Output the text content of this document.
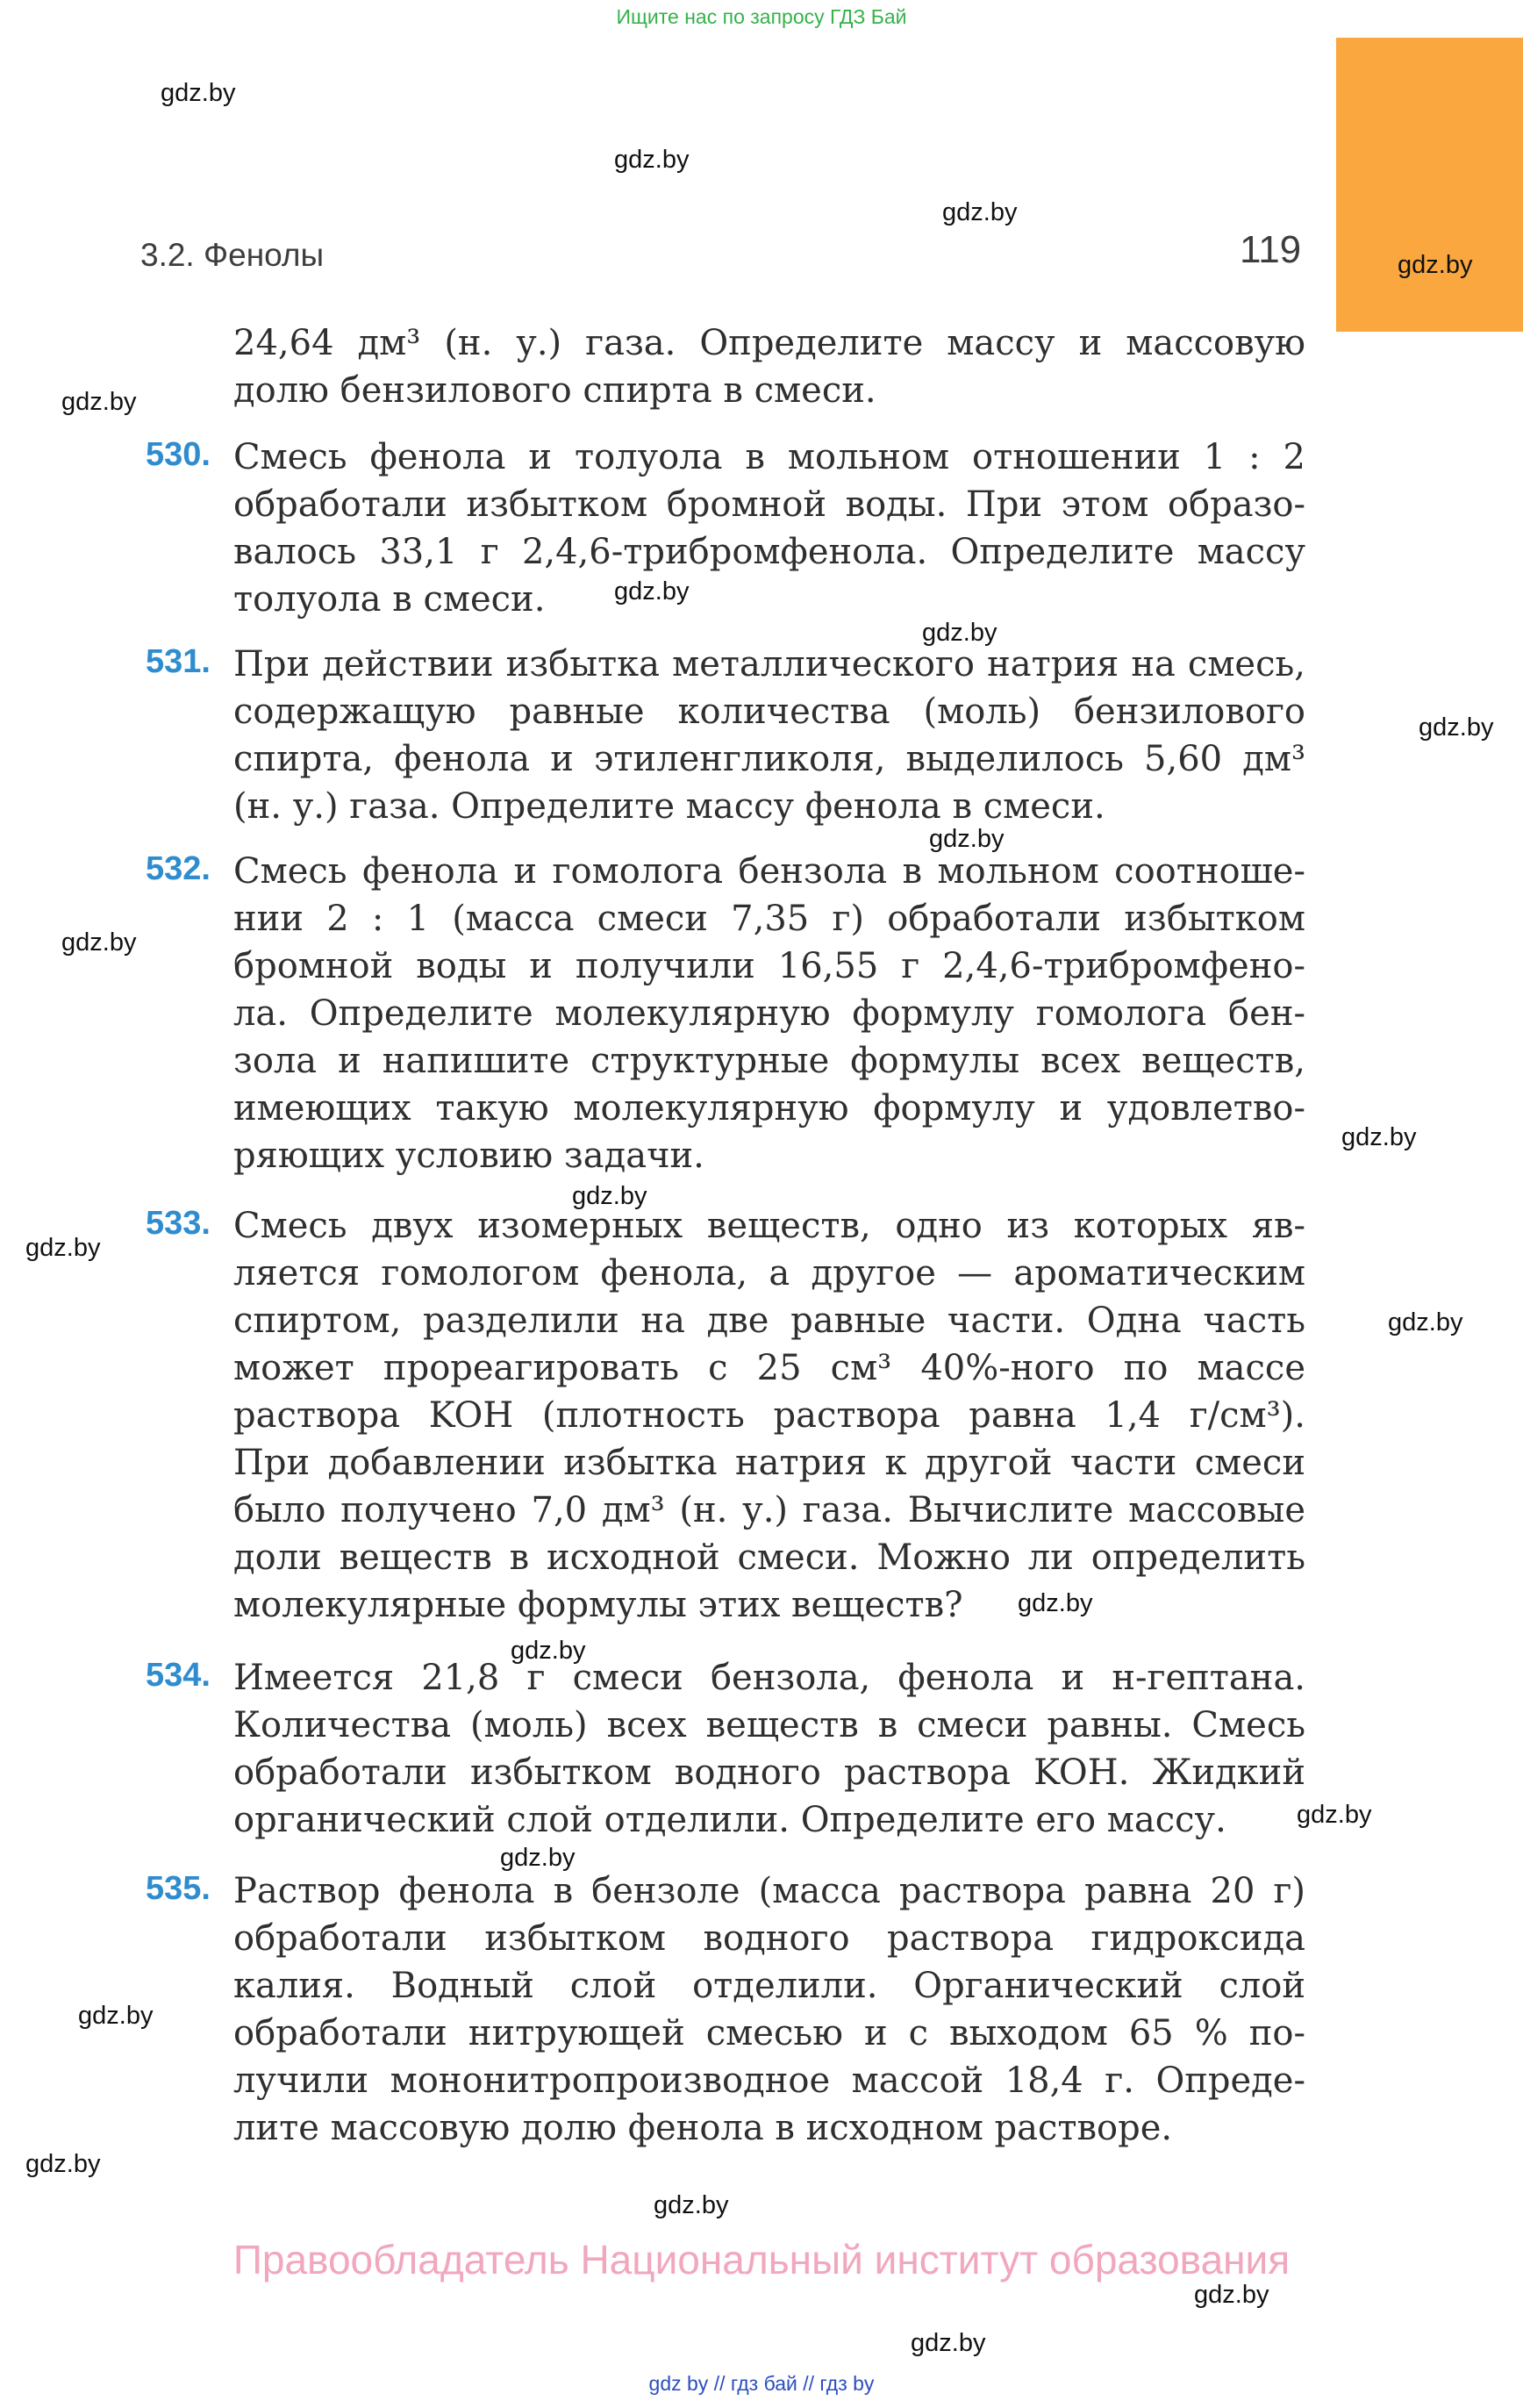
Ищите нас по запросу ГДЗ Бай
3.2. Фенолы	119
24,64 дм³ (н. у.) газа. Определите массу и массовую
долю бензилового спирта в смеси.
530. Смесь фенола и толуола в мольном отношении 1 : 2
обработали избытком бромной воды. При этом образо-
валось 33,1 г 2,4,6-трибромфенола. Определите массу
толуола в смеси.
531. При действии избытка металлического натрия на смесь,
содержащую равные количества (моль) бензилового
спирта, фенола и этиленгликоля, выделилось 5,60 дм³
(н. у.) газа. Определите массу фенола в смеси.
532. Смесь фенола и гомолога бензола в мольном соотноше-
нии 2 : 1 (масса смеси 7,35 г) обработали избытком
бромной воды и получили 16,55 г 2,4,6-трибромфено-
ла. Определите молекулярную формулу гомолога бен-
зола и напишите структурные формулы всех веществ,
имеющих такую молекулярную формулу и удовлетво-
ряющих условию задачи.
533. Смесь двух изомерных веществ, одно из которых яв-
ляется гомологом фенола, а другое — ароматическим
спиртом, разделили на две равные части. Одна часть
может прореагировать с 25 см³ 40%-ного по массе
раствора KOH (плотность раствора равна 1,4 г/см³).
При добавлении избытка натрия к другой части смеси
было получено 7,0 дм³ (н. у.) газа. Вычислите массовые
доли веществ в исходной смеси. Можно ли определить
молекулярные формулы этих веществ?
534. Имеется 21,8 г смеси бензола, фенола и н-гептана.
Количества (моль) всех веществ в смеси равны. Смесь
обработали избытком водного раствора KOH. Жидкий
органический слой отделили. Определите его массу.
535. Раствор фенола в бензоле (масса раствора равна 20 г)
обработали избытком водного раствора гидроксида
калия. Водный слой отделили. Органический слой
обработали нитрующей смесью и с выходом 65 % по-
лучили мононитропроизводное массой 18,4 г. Опреде-
лите массовую долю фенола в исходном растворе.
gdz.by
gdz.by
gdz.by
gdz.by
gdz.by
gdz.by
gdz.by
gdz.by
gdz.by
gdz.by
gdz.by
gdz.by
gdz.by
gdz.by
gdz.by
gdz.by
gdz.by
gdz.by
gdz.by
gdz.by
gdz.by
gdz.by
gdz.by
Правообладатель Национальный институт образования
gdz by // гдз бай // гдз by
